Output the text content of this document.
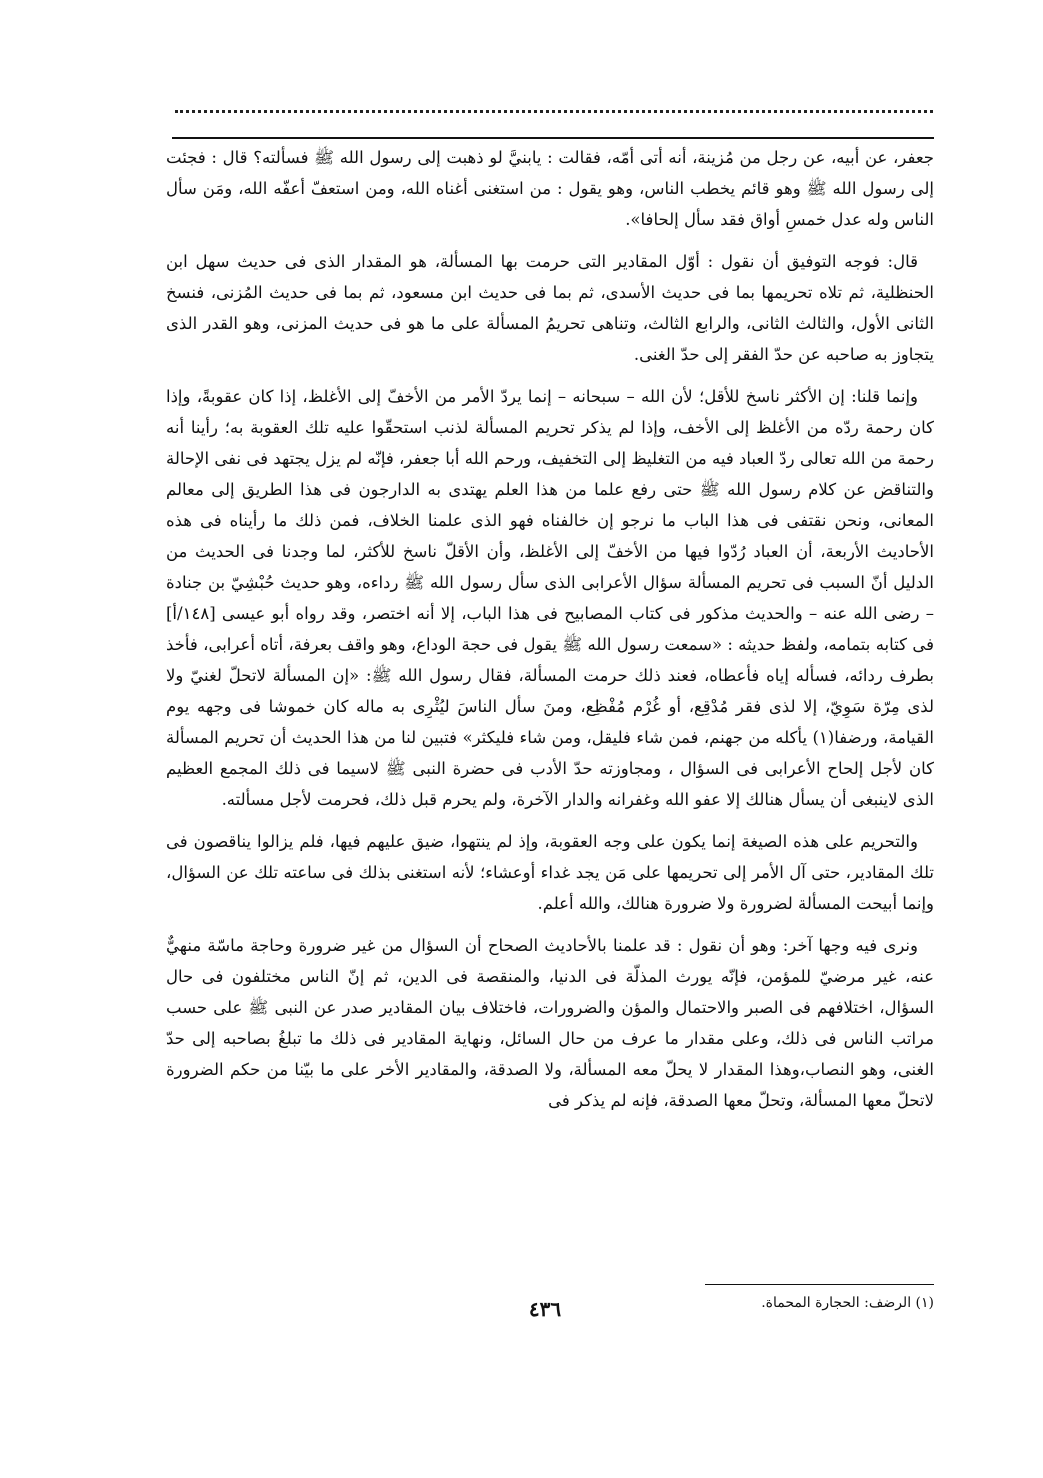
جعفر، عن أبيه، عن رجل من مُزينة، أنه أتى أمّه، فقالت : يابنيَّ لو ذهبت إلى رسول الله ﷺ فسألته؟ قال : فجئت إلى رسول الله ﷺ وهو قائم يخطب الناس، وهو يقول : من استغنى أغناه الله، ومن استعفّ أعفّه الله، ومَن سأل الناس وله عدل خمسِ أواق فقد سأل إلحافا».

قال: فوجه التوفيق أن نقول : أوّل المقادير التى حرمت بها المسألة، هو المقدار الذى فى حديث سهل ابن الحنظلية، ثم تلاه تحريمها بما فى حديث الأسدى، ثم بما فى حديث ابن مسعود، ثم بما فى حديث المُزنى، فنسخ الثانى الأول، والثالث الثانى، والرابع الثالث، وتناهى تحريمُ المسألة على ما هو فى حديث المزنى، وهو القدر الذى يتجاوز به صاحبه عن حدّ الفقر إلى حدّ الغنى.

وإنما قلنا: إن الأكثر ناسخ للأقل؛ لأن الله – سبحانه – إنما يردّ الأمر من الأخفّ إلى الأغلظ، إذا كان عقوبةً، وإذا كان رحمة ردّه من الأغلظ إلى الأخف، وإذا لم يذكر تحريم المسألة لذنب استحقّوا عليه تلك العقوبة به؛ رأينا أنه رحمة من الله تعالى ردّ العباد فيه من التغليظ إلى التخفيف، ورحم الله أبا جعفر، فإنّه لم يزل يجتهد فى نفى الإحالة والتناقض عن كلام رسول الله ﷺ حتى رفع علما من هذا العلم يهتدى به الدارجون فى هذا الطريق إلى معالم المعانى، ونحن نقتفى فى هذا الباب ما نرجو إن خالفناه فهو الذى علمنا الخلاف، فمن ذلك ما رأيناه فى هذه الأحاديث الأربعة، أن العباد رُدّوا فيها من الأخفّ إلى الأغلظ، وأن الأقلّ ناسخ للأكثر، لما وجدنا فى الحديث من الدليل أنّ السبب فى تحريم المسألة سؤال الأعرابى الذى سأل رسول الله ﷺ رداءه، وهو حديث حُبْشِيّ بن جنادة – رضى الله عنه – والحديث مذكور فى كتاب المصابيح فى هذا الباب، إلا أنه اختصر، وقد رواه أبو عيسى [١٤٨/أ] فى كتابه بتمامه، ولفظ حديثه : «سمعت رسول الله ﷺ يقول فى حجة الوداع، وهو واقف بعرفة، أتاه أعرابى، فأخذ بطرف ردائه، فسأله إياه فأعطاه، فعند ذلك حرمت المسألة، فقال رسول الله ﷺ: «إن المسألة لاتحلّ لغنيّ ولا لذى مِرّة سَوِيّ، إلا لذى فقر مُدْقِع، أو غُرْم مُفْظِع، ومنَ سأل الناسَ ليُثْرِى به ماله كان خموشا فى وجهه يوم القيامة، ورضفا(١) يأكله من جهنم، فمن شاء فليقل، ومن شاء فليكثر» فتبين لنا من هذا الحديث أن تحريم المسألة كان لأجل إلحاح الأعرابى فى السؤال ، ومجاوزته حدّ الأدب فى حضرة النبى ﷺ لاسيما فى ذلك المجمع العظيم الذى لاينبغى أن يسأل هنالك إلا عفو الله وغفرانه والدار الآخرة، ولم يحرم قبل ذلك، فحرمت لأجل مسألته.

والتحريم على هذه الصيغة إنما يكون على وجه العقوبة، وإذ لم ينتهوا، ضيق عليهم فيها، فلم يزالوا يناقصون فى تلك المقادير، حتى آل الأمر إلى تحريمها على مَن يجد غداء أوعشاء؛ لأنه استغنى بذلك فى ساعته تلك عن السؤال، وإنما أبيحت المسألة لضرورة ولا ضرورة هنالك، والله أعلم.

ونرى فيه وجها آخر: وهو أن نقول : قد علمنا بالأحاديث الصحاح أن السؤال من غير ضرورة وحاجة ماسّة منهيٌّ عنه، غير مرضيّ للمؤمن، فإنّه يورث المذلّة فى الدنيا، والمنقصة فى الدين، ثم إنّ الناس مختلفون فى حال السؤال، اختلافهم فى الصبر والاحتمال والمؤن والضرورات، فاختلاف بيان المقادير صدر عن النبى ﷺ على حسب مراتب الناس فى ذلك، وعلى مقدار ما عرف من حال السائل، ونهاية المقادير فى ذلك ما تبلغُ بصاحبه إلى حدّ الغنى، وهو النصاب،وهذا المقدار لا يحلّ معه المسألة، ولا الصدقة، والمقادير الأخر على ما بيّنا من حكم الضرورة لاتحلّ معها المسألة، وتحلّ معها الصدقة، فإنه لم يذكر فى

(١) الرضف: الحجارة المحماة.
٤٣٦
